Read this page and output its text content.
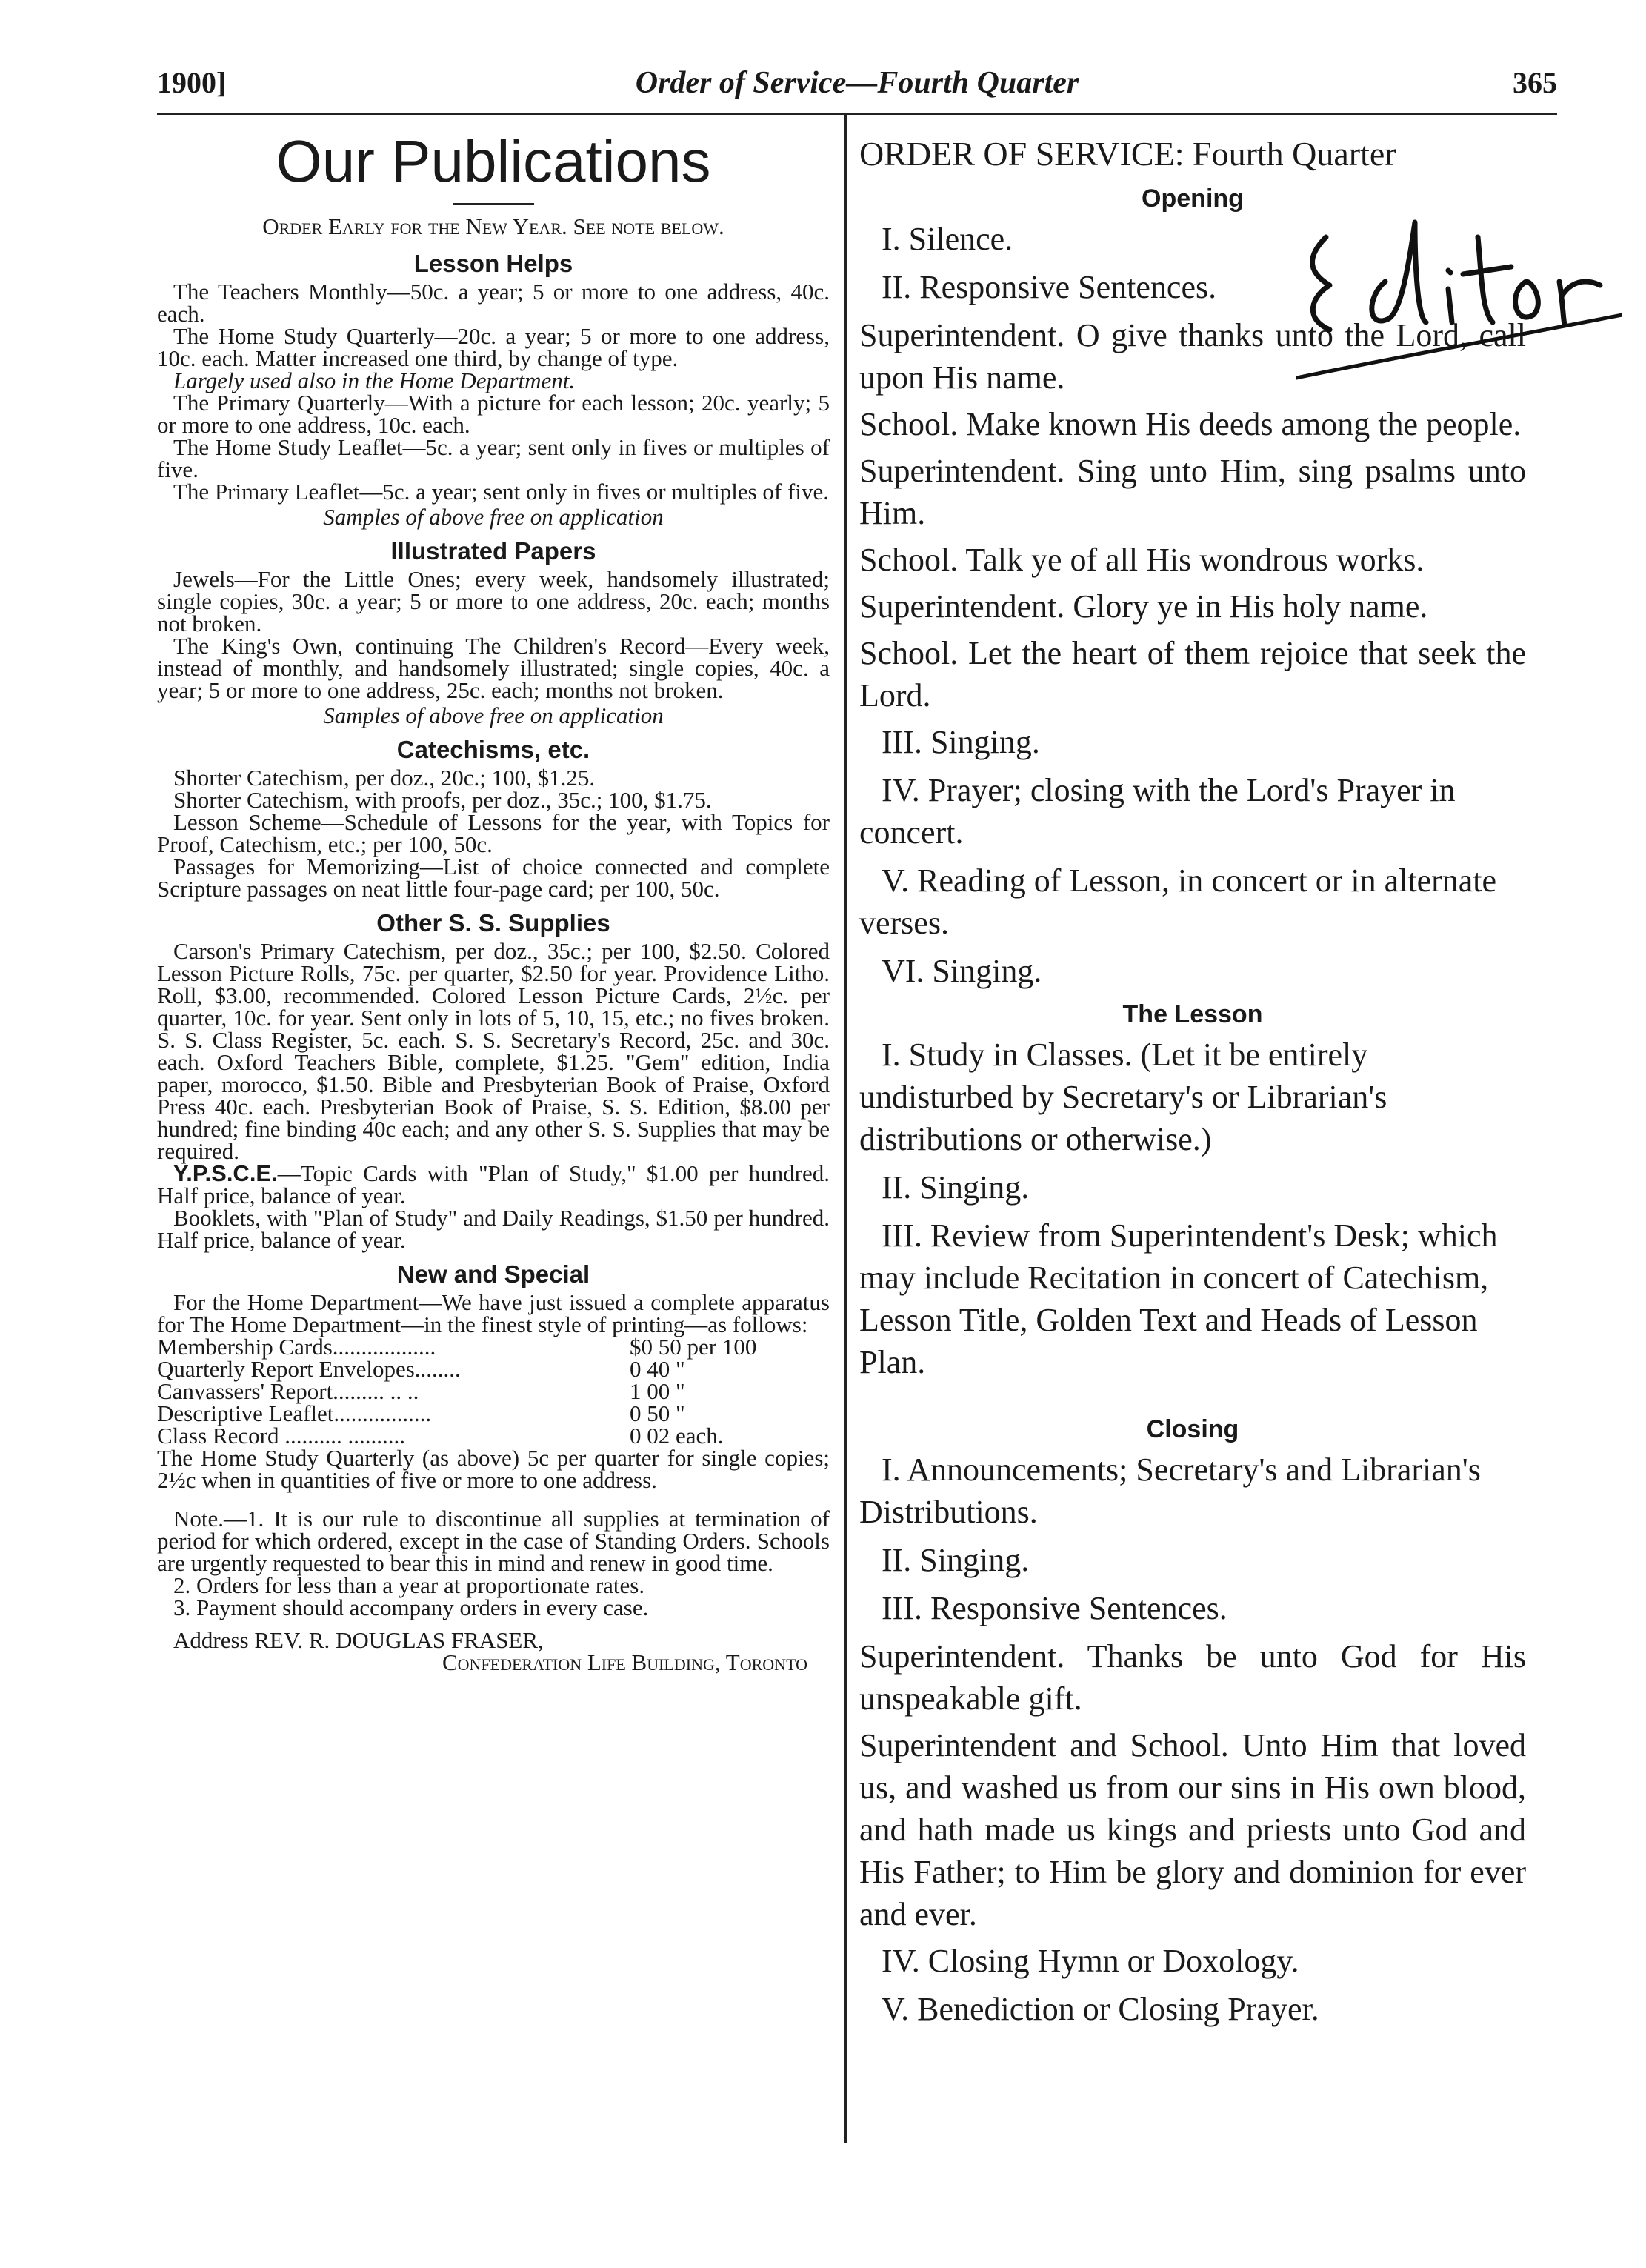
1900]	Order of Service—Fourth Quarter	365
Our Publications
Order Early for the New Year. See note below.
Lesson Helps

The Teachers Monthly—50c. a year; 5 or more to one address, 40c. each.

The Home Study Quarterly—20c. a year; 5 or more to one address, 10c. each. Matter increased one third, by change of type.

Largely used also in the Home Department.

The Primary Quarterly—With a picture for each lesson; 20c. yearly; 5 or more to one address, 10c. each.

The Home Study Leaflet—5c. a year; sent only in fives or multiples of five.

The Primary Leaflet—5c. a year; sent only in fives or multiples of five.

Samples of above free on application

Illustrated Papers

Jewels—For the Little Ones; every week, handsomely illustrated; single copies, 30c. a year; 5 or more to one address, 20c. each; months not broken.

The King's Own, continuing The Children's Record—Every week, instead of monthly, and handsomely illustrated; single copies, 40c. a year; 5 or more to one address, 25c. each; months not broken.

Samples of above free on application

Catechisms, etc.

Shorter Catechism, per doz., 20c.; 100, $1.25.

Shorter Catechism, with proofs, per doz., 35c.; 100, $1.75.

Lesson Scheme—Schedule of Lessons for the year, with Topics for Proof, Catechism, etc.; per 100, 50c.

Passages for Memorizing—List of choice connected and complete Scripture passages on neat little four-page card; per 100, 50c.

Other S. S. Supplies

Carson's Primary Catechism, per doz., 35c.; per 100, $2.50. Colored Lesson Picture Rolls, 75c. per quarter, $2.50 for year. Providence Litho. Roll, $3.00, recommended. Colored Lesson Picture Cards, 2½c. per quarter, 10c. for year. Sent only in lots of 5, 10, 15, etc.; no fives broken. S. S. Class Register, 5c. each. S. S. Secretary's Record, 25c. and 30c. each. Oxford Teachers Bible, complete, $1.25. "Gem" edition, India paper, morocco, $1.50. Bible and Presbyterian Book of Praise, Oxford Press 40c. each. Presbyterian Book of Praise, S. S. Edition, $8.00 per hundred; fine binding 40c each; and any other S. S. Supplies that may be required.

Y.P.S.C.E.—Topic Cards with "Plan of Study," $1.00 per hundred. Half price, balance of year.

Booklets, with "Plan of Study" and Daily Readings, $1.50 per hundred. Half price, balance of year.

New and Special

For the Home Department—We have just issued a complete apparatus for The Home Department—in the finest style of printing—as follows:

Membership Cards..................	$0 50 per 100
Quarterly Report Envelopes........	0 40 "
Canvassers' Report......... .. ..	1 00 "
Descriptive Leaflet.................	0 50 "
Class Record .......... ..........	0 02 each.

The Home Study Quarterly (as above) 5c per quarter for single copies; 2½c when in quantities of five or more to one address.

Note.—1. It is our rule to discontinue all supplies at termination of period for which ordered, except in the case of Standing Orders. Schools are urgently requested to bear this in mind and renew in good time.

2. Orders for less than a year at proportionate rates.

3. Payment should accompany orders in every case.

Address REV. R. DOUGLAS FRASER,
Confederation Life Building, Toronto
ORDER OF SERVICE: Fourth Quarter
Opening

I. Silence.

II. Responsive Sentences.

Superintendent. O give thanks unto the Lord, call upon His name.

School. Make known His deeds among the people.

Superintendent. Sing unto Him, sing psalms unto Him.

School. Talk ye of all His wondrous works.

Superintendent. Glory ye in His holy name.

School. Let the heart of them rejoice that seek the Lord.

III. Singing.

IV. Prayer; closing with the Lord's Prayer in concert.

V. Reading of Lesson, in concert or in alternate verses.

VI. Singing.

The Lesson

I. Study in Classes. (Let it be entirely undisturbed by Secretary's or Librarian's distributions or otherwise.)

II. Singing.

III. Review from Superintendent's Desk; which may include Recitation in concert of Catechism, Lesson Title, Golden Text and Heads of Lesson Plan.

Closing

I. Announcements; Secretary's and Librarian's Distributions.

II. Singing.

III. Responsive Sentences.

Superintendent. Thanks be unto God for His unspeakable gift.

Superintendent and School. Unto Him that loved us, and washed us from our sins in His own blood, and hath made us kings and priests unto God and His Father; to Him be glory and dominion for ever and ever.

IV. Closing Hymn or Doxology.

V. Benediction or Closing Prayer.
